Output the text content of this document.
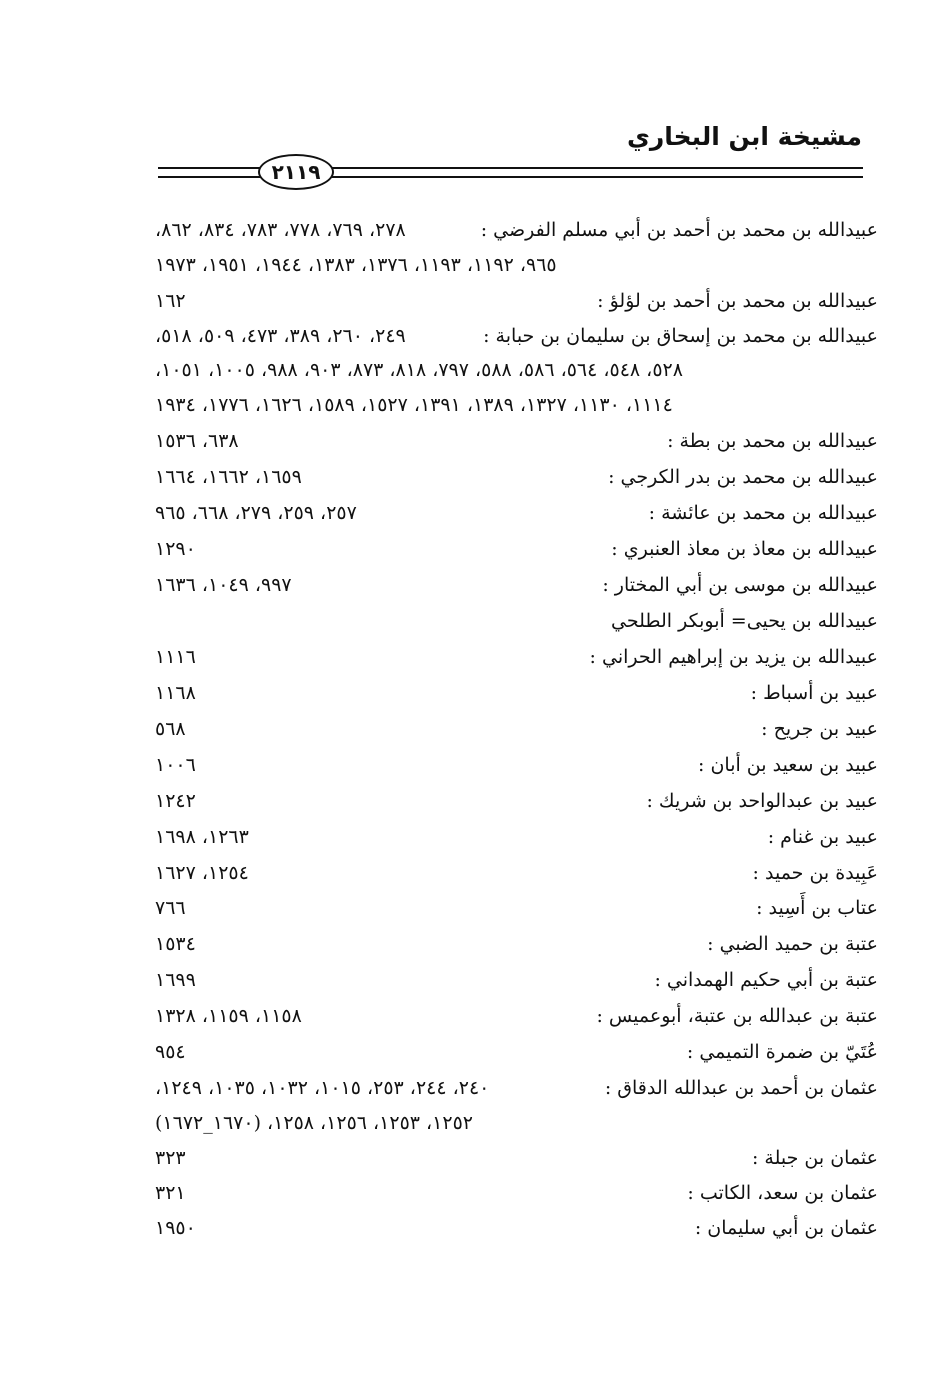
مشيخة ابن البخاري
٢١١٩
عبيدالله بن محمد بن أحمد بن أبي مسلم الفرضي :
٢٧٨، ٧٦٩، ٧٧٨، ٧٨٣، ٨٣٤، ٨٦٢،
٩٦٥، ١١٩٢، ١١٩٣، ١٣٧٦، ١٣٨٣، ١٩٤٤، ١٩٥١، ١٩٧٣
عبيدالله بن محمد بن أحمد بن لؤلؤ :
١٦٢
عبيدالله بن محمد بن إسحاق بن سليمان بن حبابة :
٢٤٩، ٢٦٠، ٣٨٩، ٤٧٣، ٥٠٩، ٥١٨،
٥٢٨، ٥٤٨، ٥٦٤، ٥٨٦، ٥٨٨، ٧٩٧، ٨١٨، ٨٧٣، ٩٠٣، ٩٨٨، ١٠٠٥، ١٠٥١،
١١١٤، ١١٣٠، ١٣٢٧، ١٣٨٩، ١٣٩١، ١٥٢٧، ١٥٨٩، ١٦٢٦، ١٧٧٦، ١٩٣٤
عبيدالله بن محمد بن بطة :
٦٣٨، ١٥٣٦
عبيدالله بن محمد بن بدر الكرجي :
١٦٥٩، ١٦٦٢، ١٦٦٤
عبيدالله بن محمد بن عائشة :
٢٥٧، ٢٥٩، ٢٧٩، ٦٦٨، ٩٦٥
عبيدالله بن معاذ بن معاذ العنبري :
١٢٩٠
عبيدالله بن موسى بن أبي المختار :
٩٩٧، ١٠٤٩، ١٦٣٦
عبيدالله بن يحيى= أبوبكر الطلحي
عبيدالله بن يزيد بن إبراهيم الحراني :
١١١٦
عبيد بن أسباط :
١١٦٨
عبيد بن جريح :
٥٦٨
عبيد بن سعيد بن أبان :
١٠٠٦
عبيد بن عبدالواحد بن شريك :
١٢٤٢
عبيد بن غنام :
١٢٦٣، ١٦٩٨
عَبِيدة بن حميد :
١٢٥٤، ١٦٢٧
عتاب بن أَسِيد :
٧٦٦
عتبة بن حميد الضبي :
١٥٣٤
عتبة بن أبي حكيم الهمداني :
١٦٩٩
عتبة بن عبدالله بن عتبة، أبوعميس :
١١٥٨، ١١٥٩، ١٣٢٨
عُتَيّ بن ضمرة التميمي :
٩٥٤
عثمان بن أحمد بن عبدالله الدقاق :
٢٤٠، ٢٤٤، ٢٥٣، ١٠١٥، ١٠٣٢، ١٠٣٥، ١٢٤٩،
١٢٥٢، ١٢٥٣، ١٢٥٦، ١٢٥٨، (١٦٧٠_١٦٧٢)
عثمان بن جبلة :
٣٢٣
عثمان بن سعد، الكاتب :
٣٢١
عثمان بن أبي سليمان :
١٩٥٠
